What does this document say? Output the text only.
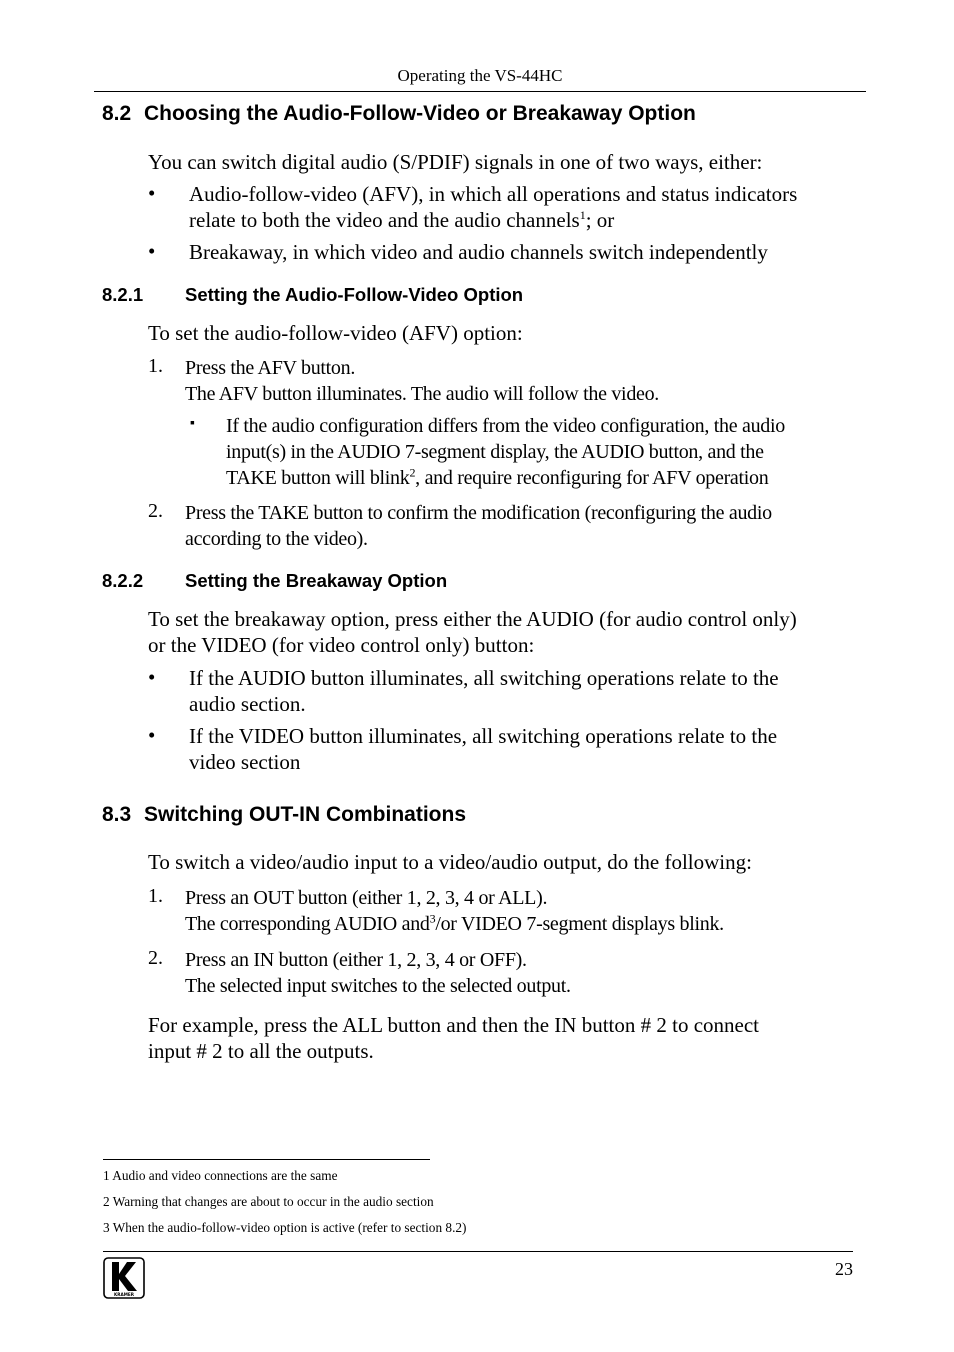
Operating the VS-44HC
8.2 Choosing the Audio-Follow-Video or Breakaway Option
You can switch digital audio (S/PDIF) signals in one of two ways, either:
• Audio-follow-video (AFV), in which all operations and status indicators
relate to both the video and the audio channels$^1$; or
• Breakaway, in which video and audio channels switch independently
8.2.1 Setting the Audio-Follow-Video Option
To set the audio-follow-video (AFV) option:
1. Press the AFV button.
The AFV button illuminates. The audio will follow the video.
▪ If the audio configuration differs from the video configuration, the audio
input(s) in the AUDIO 7-segment display, the AUDIO button, and the
TAKE button will blink$^2$, and require reconfiguring for AFV operation
2. Press the TAKE button to confirm the modification (reconfiguring the audio
according to the video).
8.2.2 Setting the Breakaway Option
To set the breakaway option, press either the AUDIO (for audio control only)
or the VIDEO (for video control only) button:
• If the AUDIO button illuminates, all switching operations relate to the
audio section.
• If the VIDEO button illuminates, all switching operations relate to the
video section
8.3 Switching OUT-IN Combinations
To switch a video/audio input to a video/audio output, do the following:
1. Press an OUT button (either 1, 2, 3, 4 or ALL).
The corresponding AUDIO and$^3$/or VIDEO 7-segment displays blink.
2. Press an IN button (either 1, 2, 3, 4 or OFF).
The selected input switches to the selected output.
For example, press the ALL button and then the IN button # 2 to connect
input # 2 to all the outputs.
1 Audio and video connections are the same
2 Warning that changes are about to occur in the audio section
3 When the audio-follow-video option is active (refer to section 8.2)
23
KRAMER
